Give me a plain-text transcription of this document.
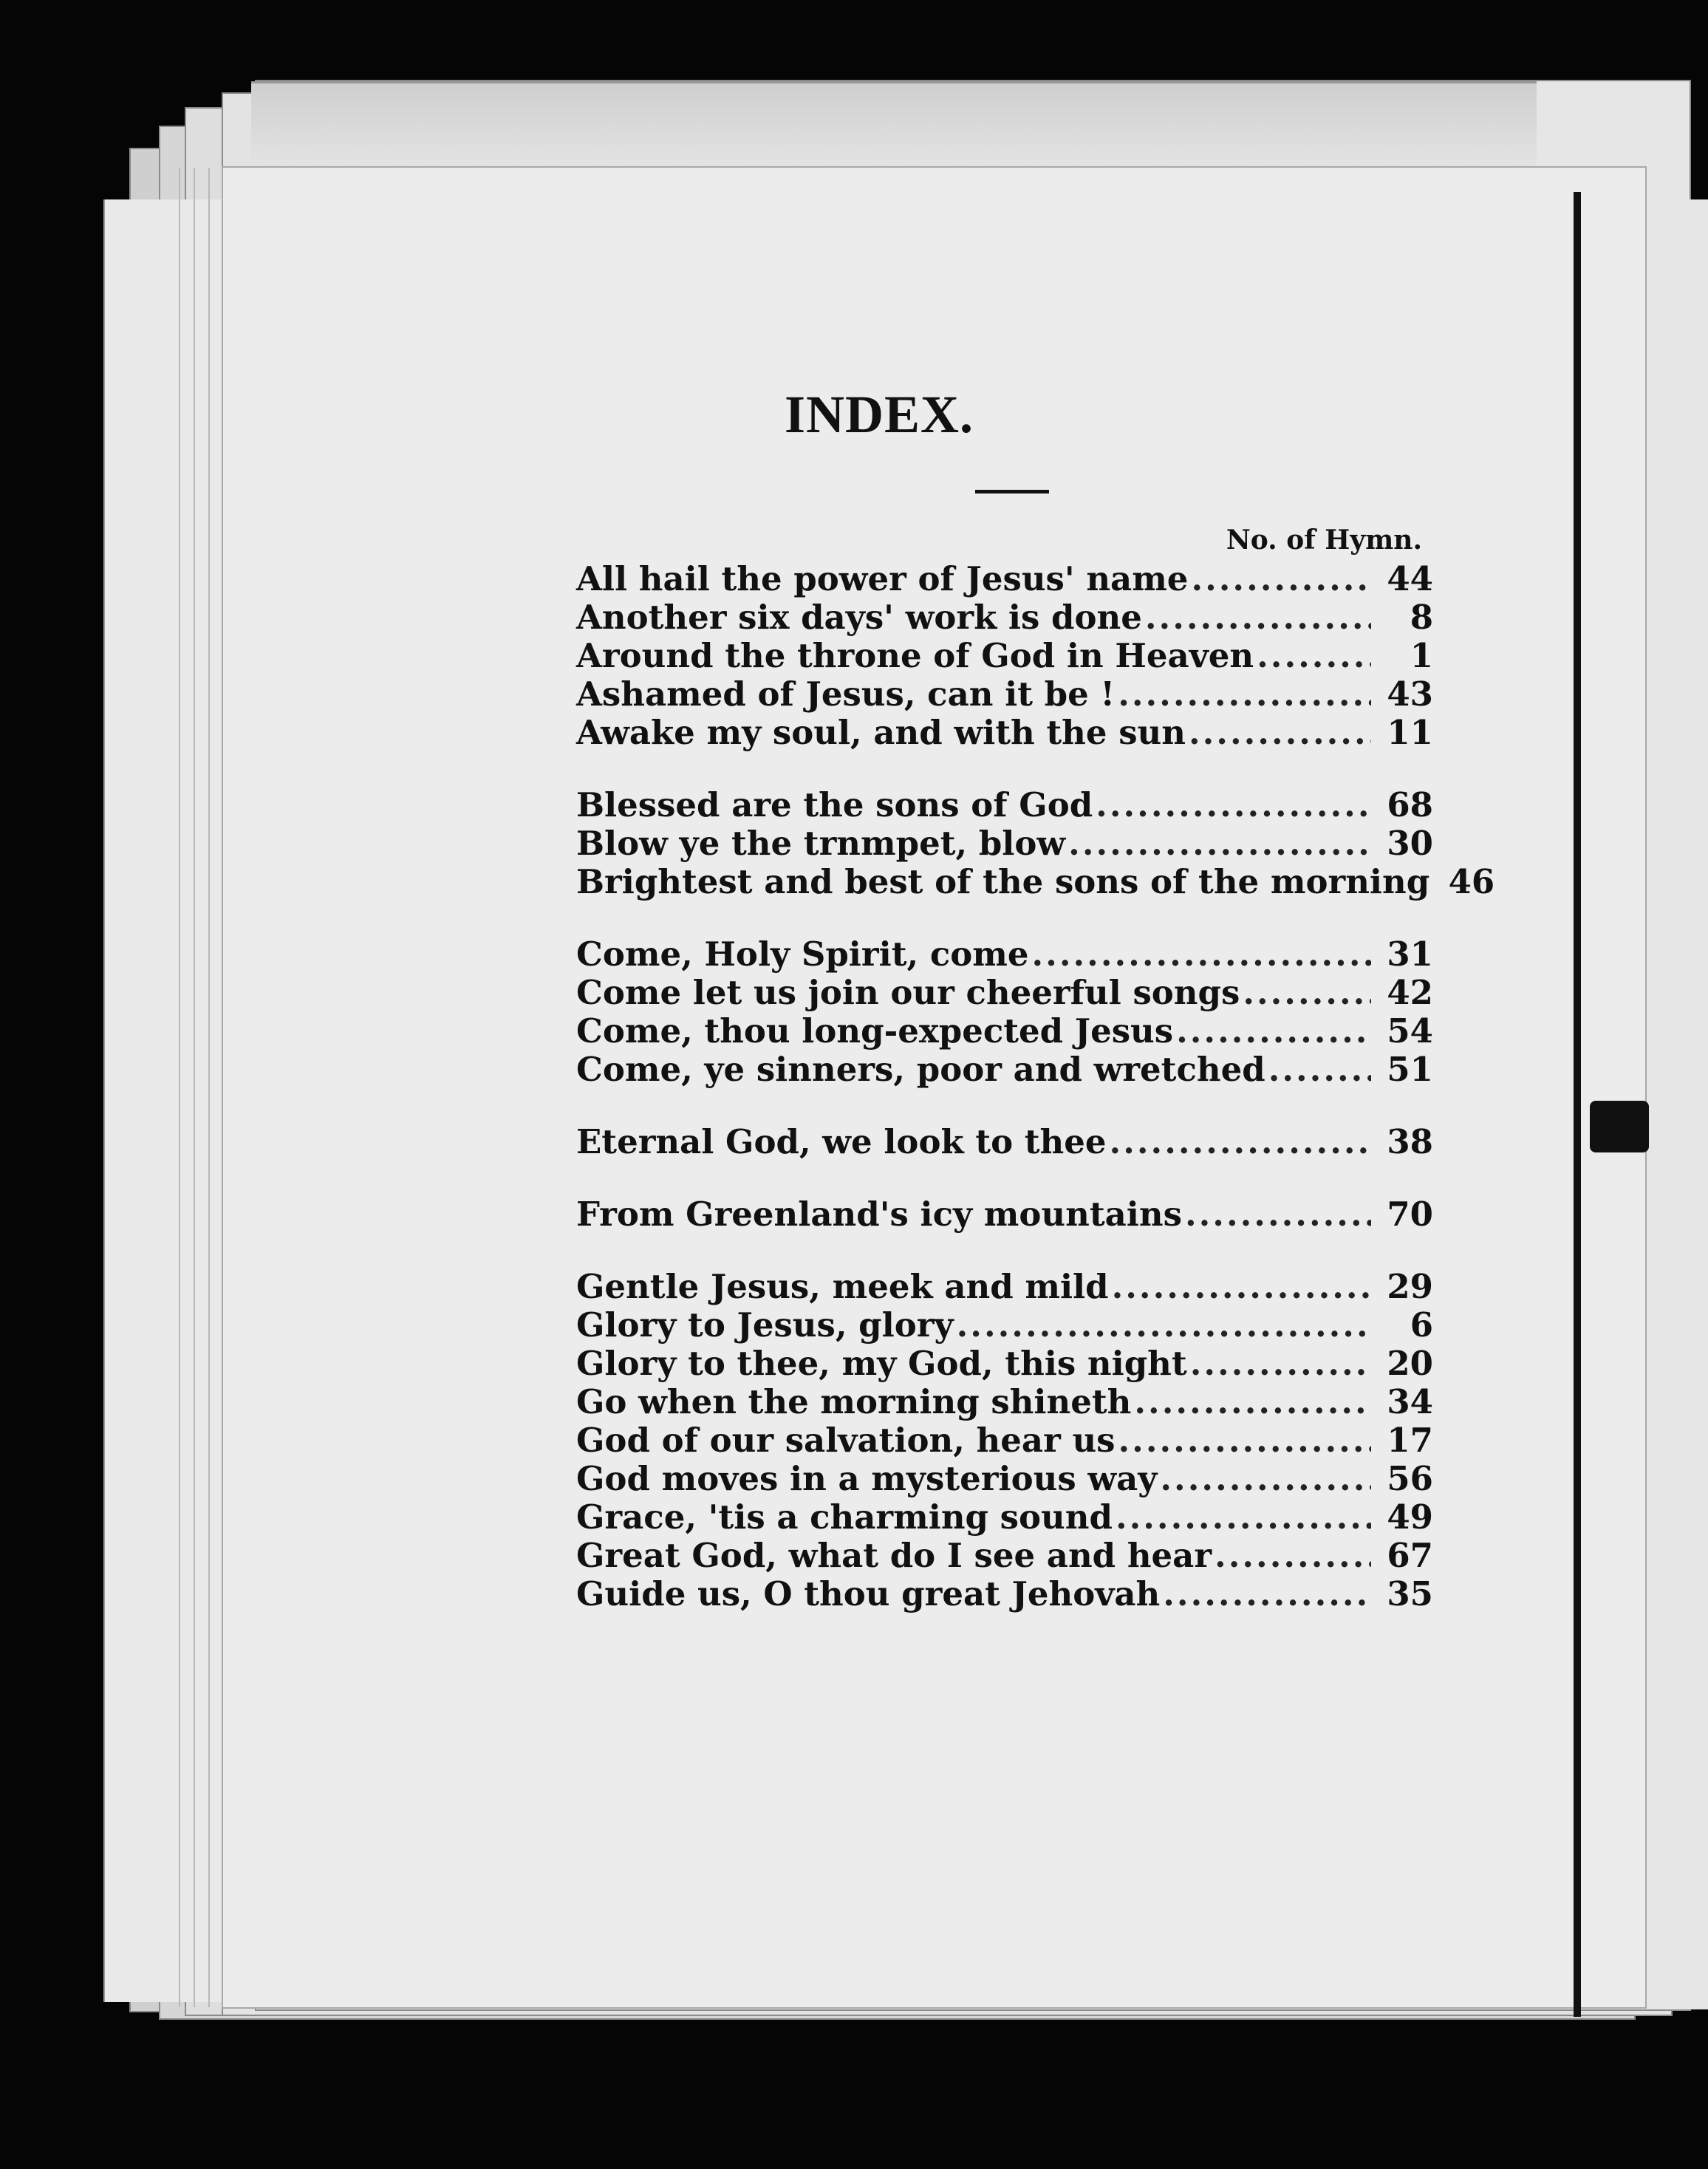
INDEX.
No. of Hymn.
All hail the power of Jesus' name .....	44
Another six days' work is done .....	8
Around the throne of God in Heaven .....	1
Ashamed of Jesus, can it be ! .....	43
Awake my soul, and with the sun .....	11
Blessed are the sons of God .....	68
Blow ye the trnmpet, blow .....	30
Brightest and best of the sons of the morning 46
Come, Holy Spirit, come .....	31
Come let us join our cheerful songs .....	42
Come, thou long-expected Jesus .....	54
Come, ye sinners, poor and wretched .....	51
Eternal God, we look to thee .....	38
From Greenland's icy mountains .....	70
Gentle Jesus, meek and mild .....	29
Glory to Jesus, glory .....	6
Glory to thee, my God, this night .....	20
Go when the morning shineth .....	34
God of our salvation, hear us .....	17
God moves in a mysterious way .....	56
Grace, 'tis a charming sound .....	49
Great God, what do I see and hear .....	67
Guide us, O thou great Jehovah .....	35
